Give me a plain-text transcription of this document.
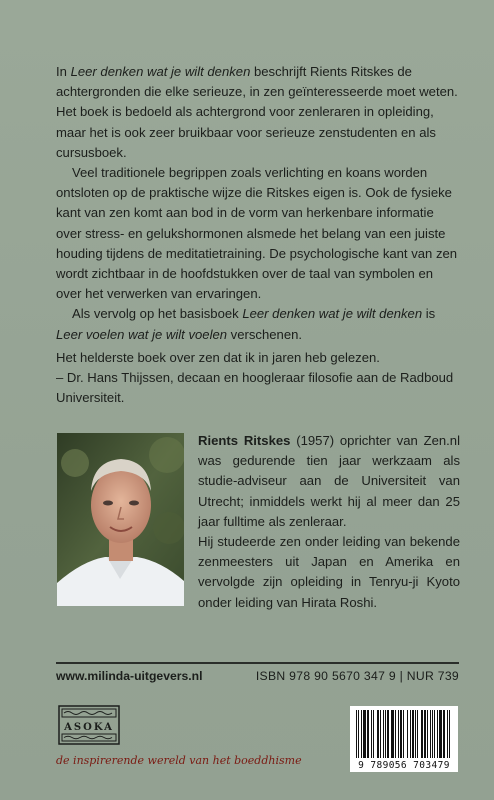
In Leer denken wat je wilt denken beschrijft Rients Ritskes de achtergronden die elke serieuze, in zen geïnteresseerde moet weten. Het boek is bedoeld als achtergrond voor zenleraren in opleiding, maar het is ook zeer bruikbaar voor serieuze zenstudenten en als cursusboek.

Veel traditionele begrippen zoals verlichting en koans worden ontsloten op de praktische wijze die Ritskes eigen is. Ook de fysieke kant van zen komt aan bod in de vorm van herkenbare informatie over stress- en gelukshormonen alsmede het belang van een juiste houding tijdens de meditatietraining. De psychologische kant van zen wordt zichtbaar in de hoofdstukken over de taal van symbolen en over het verwerken van ervaringen.

Als vervolg op het basisboek Leer denken wat je wilt denken is Leer voelen wat je wilt voelen verschenen.

Het helderste boek over zen dat ik in jaren heb gelezen.

– Dr. Hans Thijssen, decaan en hoogleraar filosofie aan de Radboud Universiteit.

Rients Ritskes (1957) oprichter van Zen.nl was gedurende tien jaar werkzaam als studie-adviseur aan de Universiteit van Utrecht; inmiddels werkt hij al meer dan 25 jaar fulltime als zenleraar.

Hij studeerde zen onder leiding van bekende zenmeesters uit Japan en Amerika en vervolgde zijn opleiding in Tenryu-ji Kyoto onder leiding van Hirata Roshi.

www.milinda-uitgevers.nl	ISBN 978 90 5670 347 9 | NUR 739
ASOKA
de inspirerende wereld van het boeddhisme	9 789056 703479
